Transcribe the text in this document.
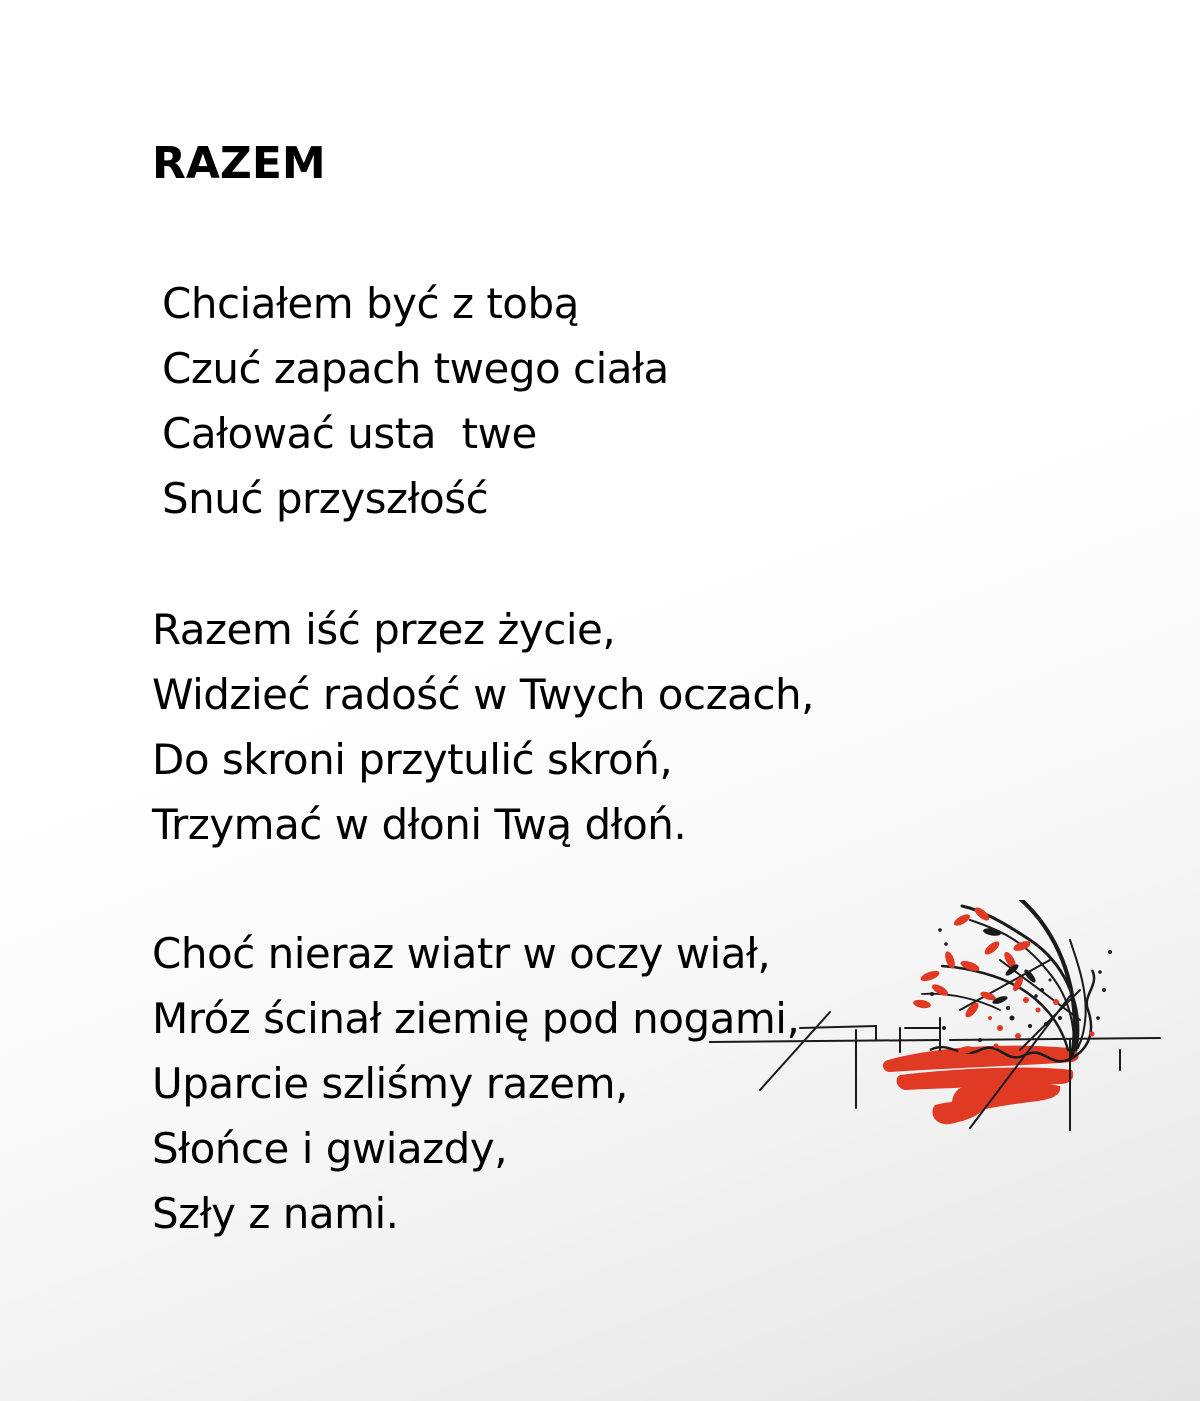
RAZEM
Chciałem być z tobą
Czuć zapach twego ciała
Całować usta  twe
Snuć przyszłość
Razem iść przez życie,
Widzieć radość w Twych oczach,
Do skroni przytulić skroń,
Trzymać w dłoni Twą dłoń.
Choć nieraz wiatr w oczy wiał,
Mróz ścinał ziemię pod nogami,
Uparcie szliśmy razem,
Słońce i gwiazdy,
Szły z nami.
